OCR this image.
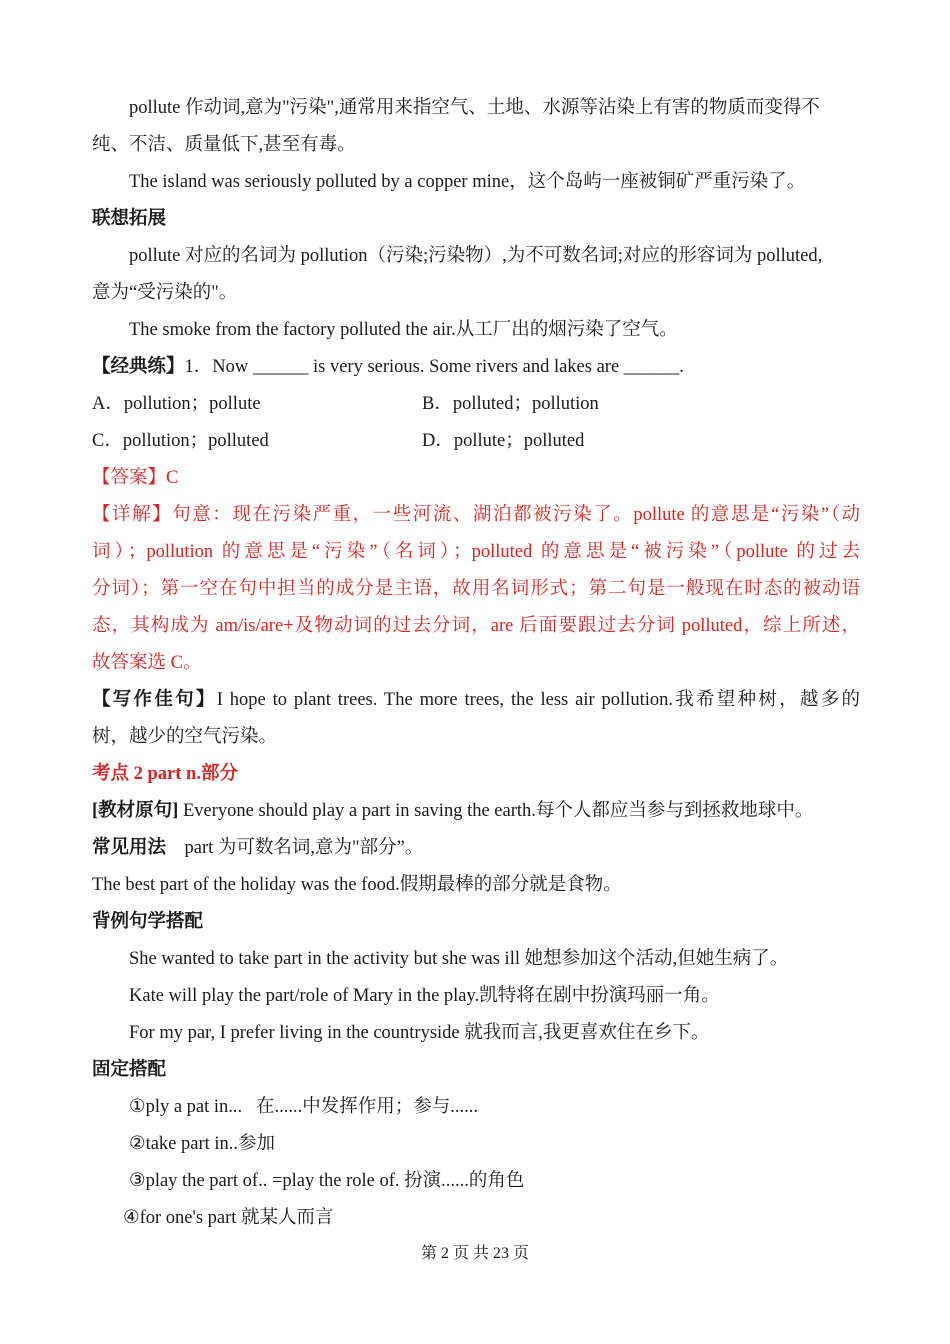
pollute 作动词,意为"污染",通常用来指空气、土地、水源等沾染上有害的物质而变得不
纯、不洁、质量低下,甚至有毒。
The island was seriously polluted by a copper mine，这个岛屿一座被铜矿严重污染了。
联想拓展
pollute 对应的名词为 pollution（污染;污染物）,为不可数名词;对应的形容词为 polluted,
意为“受污染的"。
The smoke from the factory polluted the air.从工厂出的烟污染了空气。
【经典练】1．Now ______ is very serious. Some rivers and lakes are ______.
A．pollution；pollute	B．polluted；pollution
C．pollution；polluted	D．pollute；polluted
【答案】C
【详解】句意：现在污染严重，一些河流、湖泊都被污染了。pollute 的意思是“污染”（动
词）；pollution 的意思是“污染”（名词）；polluted 的意思是“被污染”（pollute 的过去
分词）；第一空在句中担当的成分是主语，故用名词形式；第二句是一般现在时态的被动语
态，其构成为 am/is/are+及物动词的过去分词，are 后面要跟过去分词 polluted，综上所述，
故答案选 C。
【写作佳句】I hope to plant trees. The more trees, the less air pollution.我希望种树，越多的
树，越少的空气污染。
考点 2 part n.部分
[教材原句] Everyone should play a part in saving the earth.每个人都应当参与到拯救地球中。
常见用法    part 为可数名词,意为"部分”。
The best part of the holiday was the food.假期最棒的部分就是食物。
背例句学搭配
She wanted to take part in the activity but she was ill 她想参加这个活动,但她生病了。
Kate will play the part/role of Mary in the play.凯特将在剧中扮演玛丽一角。
For my par, I prefer living in the countryside 就我而言,我更喜欢住在乡下。
固定搭配
①ply a pat in...   在......中发挥作用；参与......
②take part in..参加
③play the part of.. =play the role of. 扮演......的角色
④for one's part 就某人而言
第 2 页 共 23 页
